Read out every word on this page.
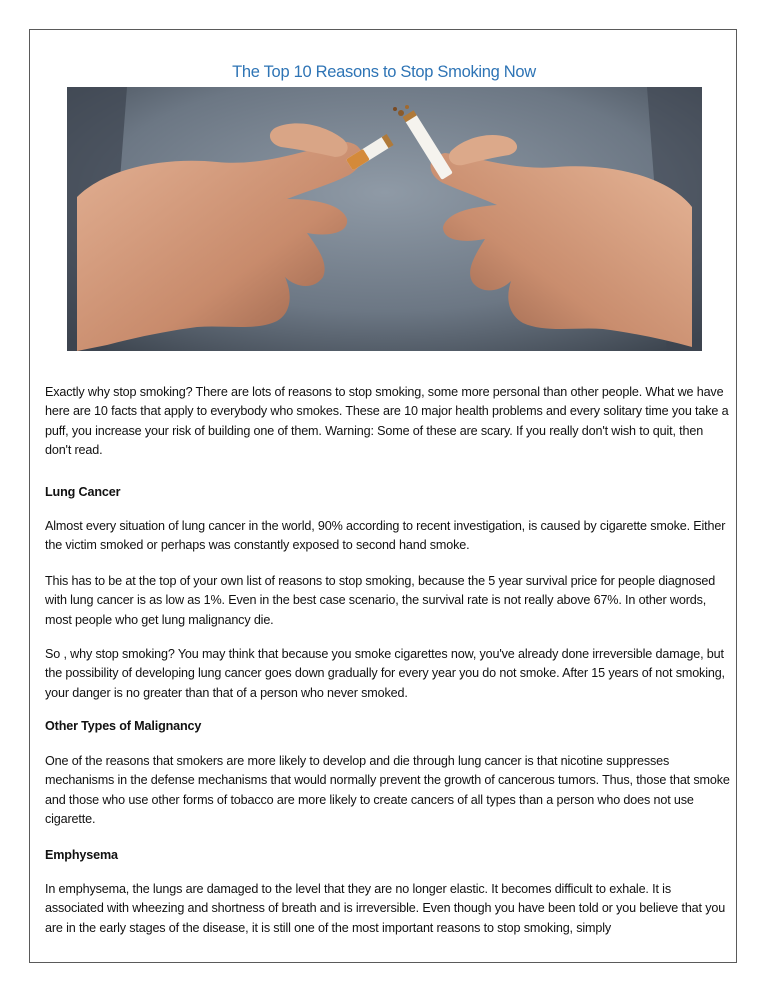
The Top 10 Reasons to Stop Smoking Now

Exactly why stop smoking? There are lots of reasons to stop smoking, some more personal than other people. What we have here are 10 facts that apply to everybody who smokes. These are 10 major health problems and every solitary time you take a puff, you increase your risk of building one of them. Warning: Some of these are scary. If you really don't wish to quit, then don't read.

Lung Cancer

Almost every situation of lung cancer in the world, 90% according to recent investigation, is caused by cigarette smoke. Either the victim smoked or perhaps was constantly exposed to second hand smoke.

This has to be at the top of your own list of reasons to stop smoking, because the 5 year survival price for people diagnosed with lung cancer is as low as 1%. Even in the best case scenario, the survival rate is not really above 67%. In other words, most people who get lung malignancy die.

So , why stop smoking? You may think that because you smoke cigarettes now, you've already done irreversible damage, but the possibility of developing lung cancer goes down gradually for every year you do not smoke. After 15 years of not smoking, your danger is no greater than that of a person who never smoked.

Other Types of Malignancy

One of the reasons that smokers are more likely to develop and die through lung cancer is that nicotine suppresses mechanisms in the defense mechanisms that would normally prevent the growth of cancerous tumors. Thus, those that smoke and those who use other forms of tobacco are more likely to create cancers of all types than a person who does not use cigarette.

Emphysema

In emphysema, the lungs are damaged to the level that they are no longer elastic. It becomes difficult to exhale. It is associated with wheezing and shortness of breath and is irreversible. Even though you have been told or you believe that you are in the early stages of the disease, it is still one of the most important reasons to stop smoking, simply
